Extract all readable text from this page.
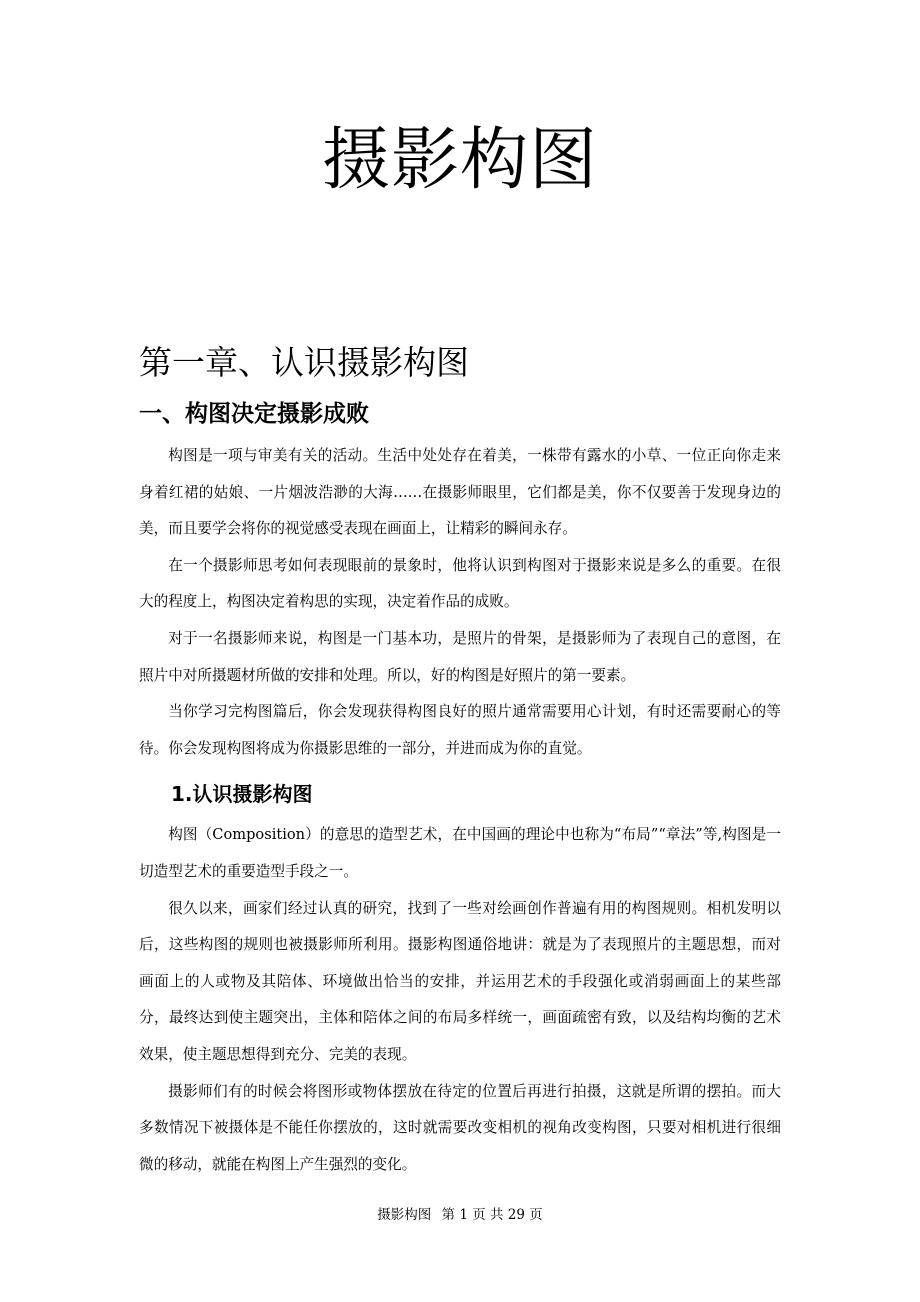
摄影构图
第一章、认识摄影构图
一、构图决定摄影成败

构图是一项与审美有关的活动。生活中处处存在着美，一株带有露水的小草、一位正向你走来身着红裙的姑娘、一片烟波浩渺的大海……在摄影师眼里，它们都是美，你不仅要善于发现身边的美，而且要学会将你的视觉感受表现在画面上，让精彩的瞬间永存。

在一个摄影师思考如何表现眼前的景象时，他将认识到构图对于摄影来说是多么的重要。在很大的程度上，构图决定着构思的实现，决定着作品的成败。

对于一名摄影师来说，构图是一门基本功，是照片的骨架，是摄影师为了表现自己的意图，在照片中对所摄题材所做的安排和处理。所以，好的构图是好照片的第一要素。

当你学习完构图篇后，你会发现获得构图良好的照片通常需要用心计划，有时还需要耐心的等待。你会发现构图将成为你摄影思维的一部分，并进而成为你的直觉。

1.认识摄影构图

构图（Composition）的意思的造型艺术，在中国画的理论中也称为“布局”“章法”等,构图是一切造型艺术的重要造型手段之一。

很久以来，画家们经过认真的研究，找到了一些对绘画创作普遍有用的构图规则。相机发明以后，这些构图的规则也被摄影师所利用。摄影构图通俗地讲：就是为了表现照片的主题思想，而对画面上的人或物及其陪体、环境做出恰当的安排，并运用艺术的手段强化或消弱画面上的某些部分，最终达到使主题突出，主体和陪体之间的布局多样统一，画面疏密有致，以及结构均衡的艺术效果，使主题思想得到充分、完美的表现。

摄影师们有的时候会将图形或物体摆放在待定的位置后再进行拍摄，这就是所谓的摆拍。而大多数情况下被摄体是不能任你摆放的，这时就需要改变相机的视角改变构图，只要对相机进行很细微的移动，就能在构图上产生强烈的变化。

摄影构图 第 1 页 共 29 页
